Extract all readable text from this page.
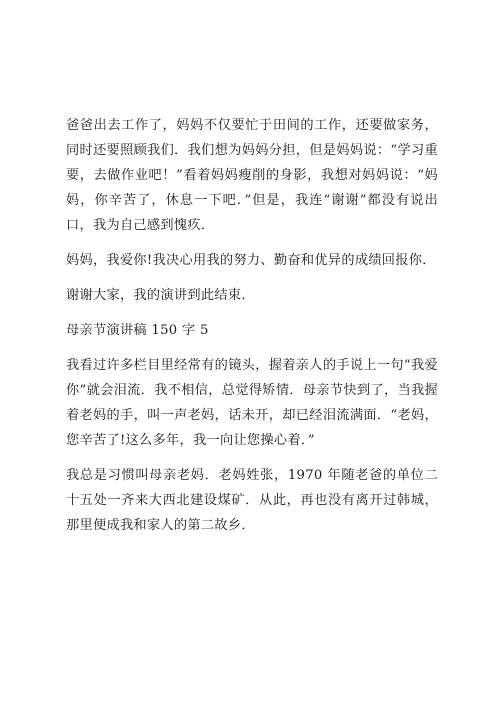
爸爸出去工作了，妈妈不仅要忙于田间的工作，还要做家务，同时还要照顾我们．我们想为妈妈分担，但是妈妈说：“学习重要，去做作业吧！”看着妈妈瘦削的身影，我想对妈妈说：“妈妈，你辛苦了，休息一下吧．”但是，我连“谢谢”都没有说出口，我为自己感到愧疚．

妈妈，我爱你!我决心用我的努力、勤奋和优异的成绩回报你．

谢谢大家，我的演讲到此结束．

母亲节演讲稿 150 字 5

我看过许多栏目里经常有的镜头，握着亲人的手说上一句“我爱你”就会泪流．我不相信，总觉得矫情．母亲节快到了，当我握着老妈的手，叫一声老妈，话未开，却已经泪流满面．“老妈，您辛苦了!这么多年，我一向让您操心着．”

我总是习惯叫母亲老妈．老妈姓张，1970 年随老爸的单位二十五处一齐来大西北建设煤矿．从此，再也没有离开过韩城，那里便成我和家人的第二故乡．
